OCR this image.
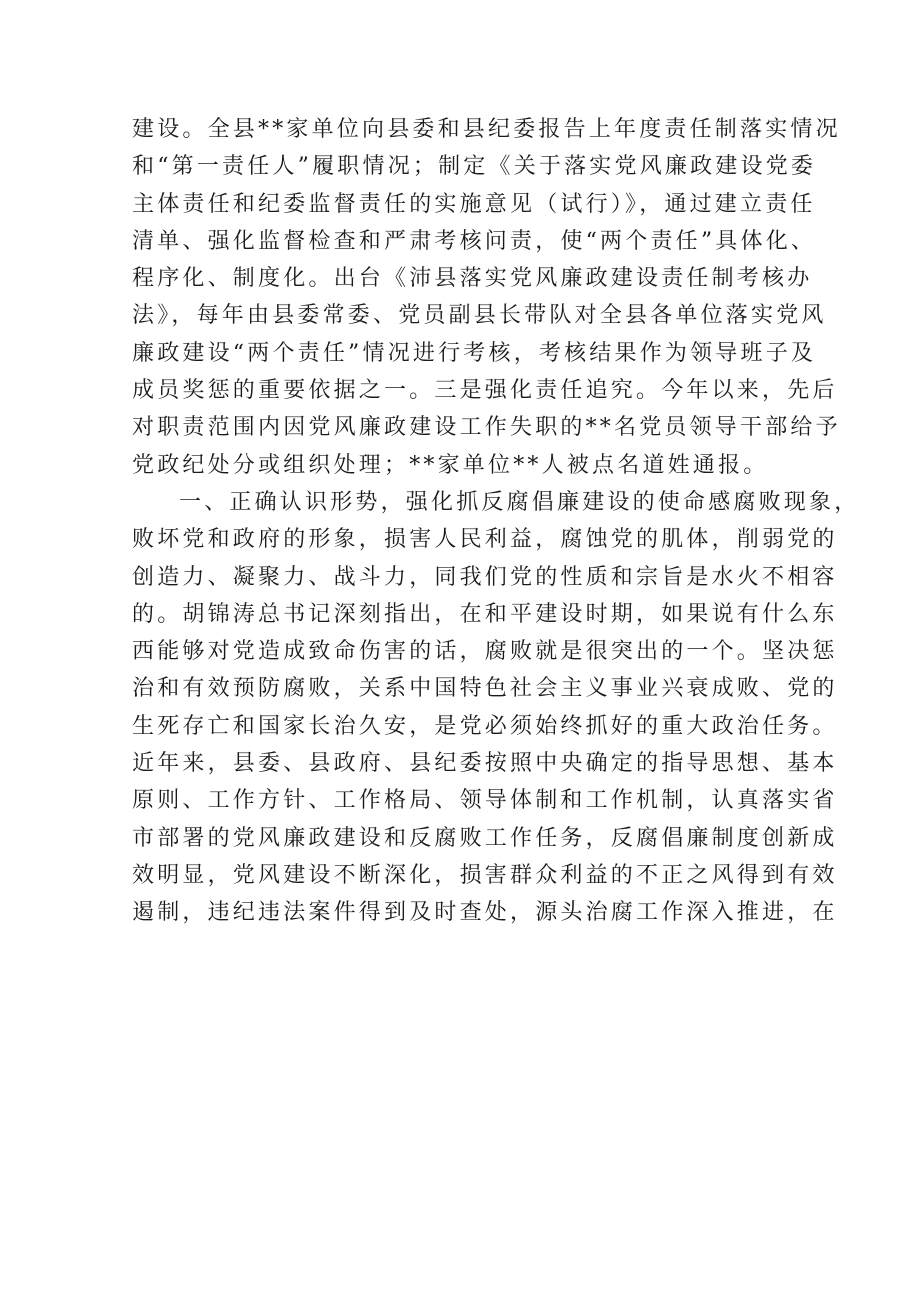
建设。全县**家单位向县委和县纪委报告上年度责任制落实情况
和“第一责任人”履职情况；制定《关于落实党风廉政建设党委
主体责任和纪委监督责任的实施意见（试行）》，通过建立责任
清单、强化监督检查和严肃考核问责，使“两个责任”具体化、
程序化、制度化。出台《沛县落实党风廉政建设责任制考核办
法》，每年由县委常委、党员副县长带队对全县各单位落实党风
廉政建设“两个责任”情况进行考核，考核结果作为领导班子及
成员奖惩的重要依据之一。三是强化责任追究。今年以来，先后
对职责范围内因党风廉政建设工作失职的**名党员领导干部给予
党政纪处分或组织处理；**家单位**人被点名道姓通报。
一、正确认识形势，强化抓反腐倡廉建设的使命感腐败现象，
败坏党和政府的形象，损害人民利益，腐蚀党的肌体，削弱党的
创造力、凝聚力、战斗力，同我们党的性质和宗旨是水火不相容
的。胡锦涛总书记深刻指出，在和平建设时期，如果说有什么东
西能够对党造成致命伤害的话，腐败就是很突出的一个。坚决惩
治和有效预防腐败，关系中国特色社会主义事业兴衰成败、党的
生死存亡和国家长治久安，是党必须始终抓好的重大政治任务。
近年来，县委、县政府、县纪委按照中央确定的指导思想、基本
原则、工作方针、工作格局、领导体制和工作机制，认真落实省
市部署的党风廉政建设和反腐败工作任务，反腐倡廉制度创新成
效明显，党风建设不断深化，损害群众利益的不正之风得到有效
遏制，违纪违法案件得到及时查处，源头治腐工作深入推进，在
